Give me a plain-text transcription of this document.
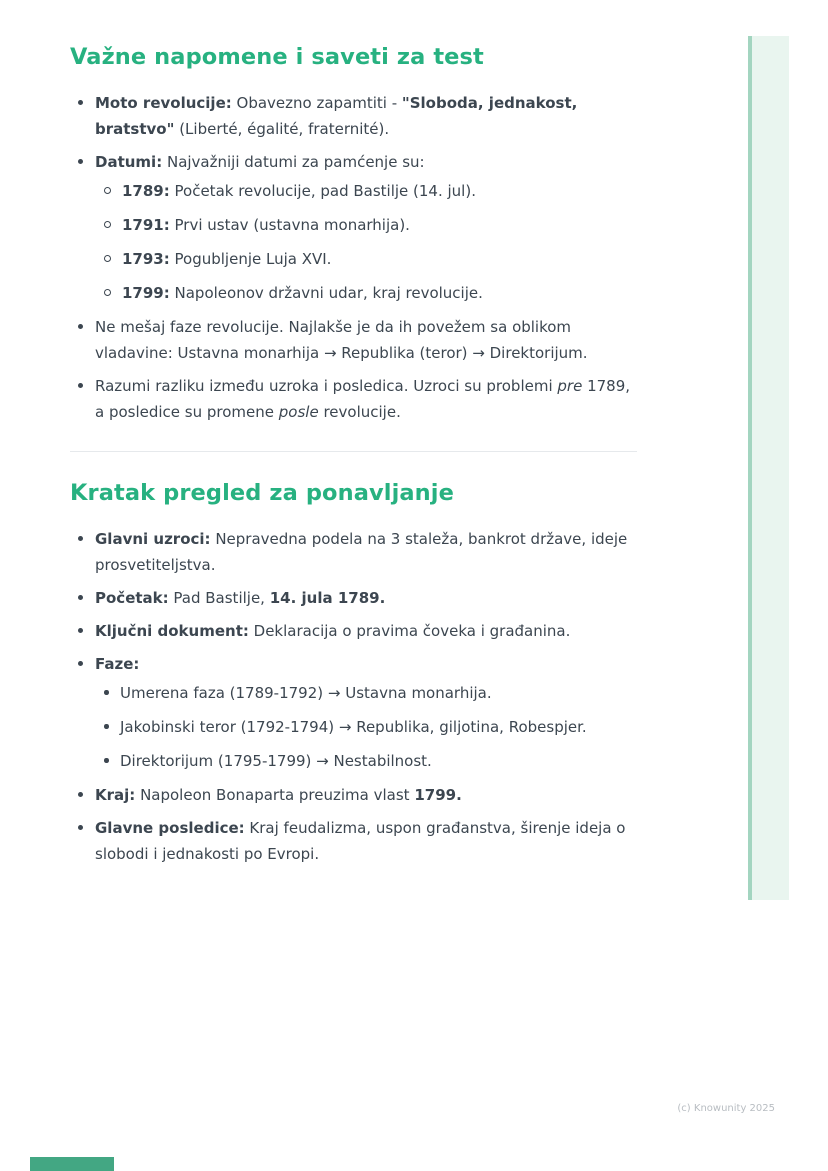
Važne napomene i saveti za test
Moto revolucije: Obavezno zapamtiti - "Sloboda, jednakost, bratstvo" (Liberté, égalité, fraternité).
Datumi: Najvažniji datumi za pamćenje su:
1789: Početak revolucije, pad Bastilje (14. jul).
1791: Prvi ustav (ustavna monarhija).
1793: Pogubljenje Luja XVI.
1799: Napoleonov državni udar, kraj revolucije.
Ne mešaj faze revolucije. Najlakše je da ih povežem sa oblikom vladavine: Ustavna monarhija → Republika (teror) → Direktorijum.
Razumi razliku između uzroka i posledica. Uzroci su problemi pre 1789, a posledice su promene posle revolucije.
Kratak pregled za ponavljanje
Glavni uzroci: Nepravedna podela na 3 staleža, bankrot države, ideje prosvetiteljstva.
Početak: Pad Bastilje, 14. jula 1789.
Ključni dokument: Deklaracija o pravima čoveka i građanina.
Faze:
Umerena faza (1789-1792) → Ustavna monarhija.
Jakobinski teror (1792-1794) → Republika, giljotina, Robespjer.
Direktorijum (1795-1799) → Nestabilnost.
Kraj: Napoleon Bonaparta preuzima vlast 1799.
Glavne posledice: Kraj feudalizma, uspon građanstva, širenje ideja o slobodi i jednakosti po Evropi.
(c) Knowunity 2025
